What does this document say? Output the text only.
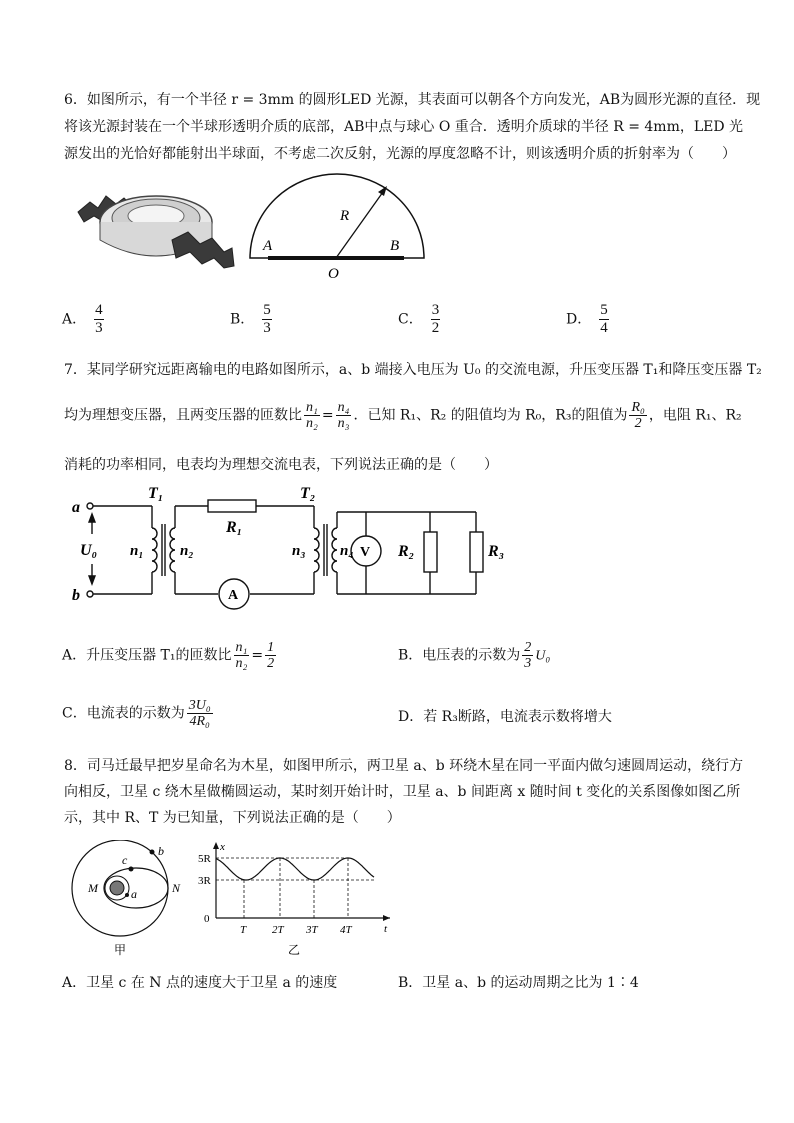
6．如图所示，有一个半径 r = 3mm 的圆形LED 光源，其表面可以朝各个方向发光，AB为圆形光源的直径．现
将该光源封装在一个半球形透明介质的底部，AB中点与球心 O 重合．透明介质球的半径 R = 4mm，LED 光
源发出的光恰好都能射出半球面，不考虑二次反射，光源的厚度忽略不计，则该透明介质的折射率为（　　）
R
A	B
O
A． $\frac{4}{3}$	B． $\frac{5}{3}$	C． $\frac{3}{2}$	D． $\frac{5}{4}$
7．某同学研究远距离输电的电路如图所示，a、b 端接入电压为 U₀ 的交流电源，升压变压器 T₁和降压变压器 T₂
均为理想变压器，且两变压器的匝数比 $\frac{\text{n₁}}{\text{n₂}} = \frac{\text{n₄}}{\text{n₃}}$ ．已知 R₁、R₂ 的阻值均为 R₀，R₃的阻值为 $\frac{\text{R₀}}{2}$ ，电阻 R₁、R₂
消耗的功率相同，电表均为理想交流电表，下列说法正确的是（　　）
a
b
U₀
T₁	T₂
n₁ n₂	n₃ n₄
R₁
R₂	R₃
V
A
A．升压变压器 T₁的匝数比 $\frac{\text{n₁}}{\text{n₂}} = \frac{1}{2}$	B．电压表的示数为 $\frac{2}{3} U_0$
C．电流表的示数为 $\frac{\text{3U₀}}{\text{4R₀}}$	D．若 R₃断路，电流表示数将增大
8．司马迁最早把岁星命名为木星，如图甲所示，两卫星 a、b 环绕木星在同一平面内做匀速圆周运动，绕行方
向相反，卫星 c 绕木星做椭圆运动，某时刻开始计时，卫星 a、b 间距离 x 随时间 t 变化的关系图像如图乙所
示，其中 R、T 为已知量，下列说法正确的是（　　）
M	N
b
c
a
甲
x
t
5R
3R
0
T 2T 3T 4T
乙
A．卫星 c 在 N 点的速度大于卫星 a 的速度	B．卫星 a、b 的运动周期之比为 1∶4
